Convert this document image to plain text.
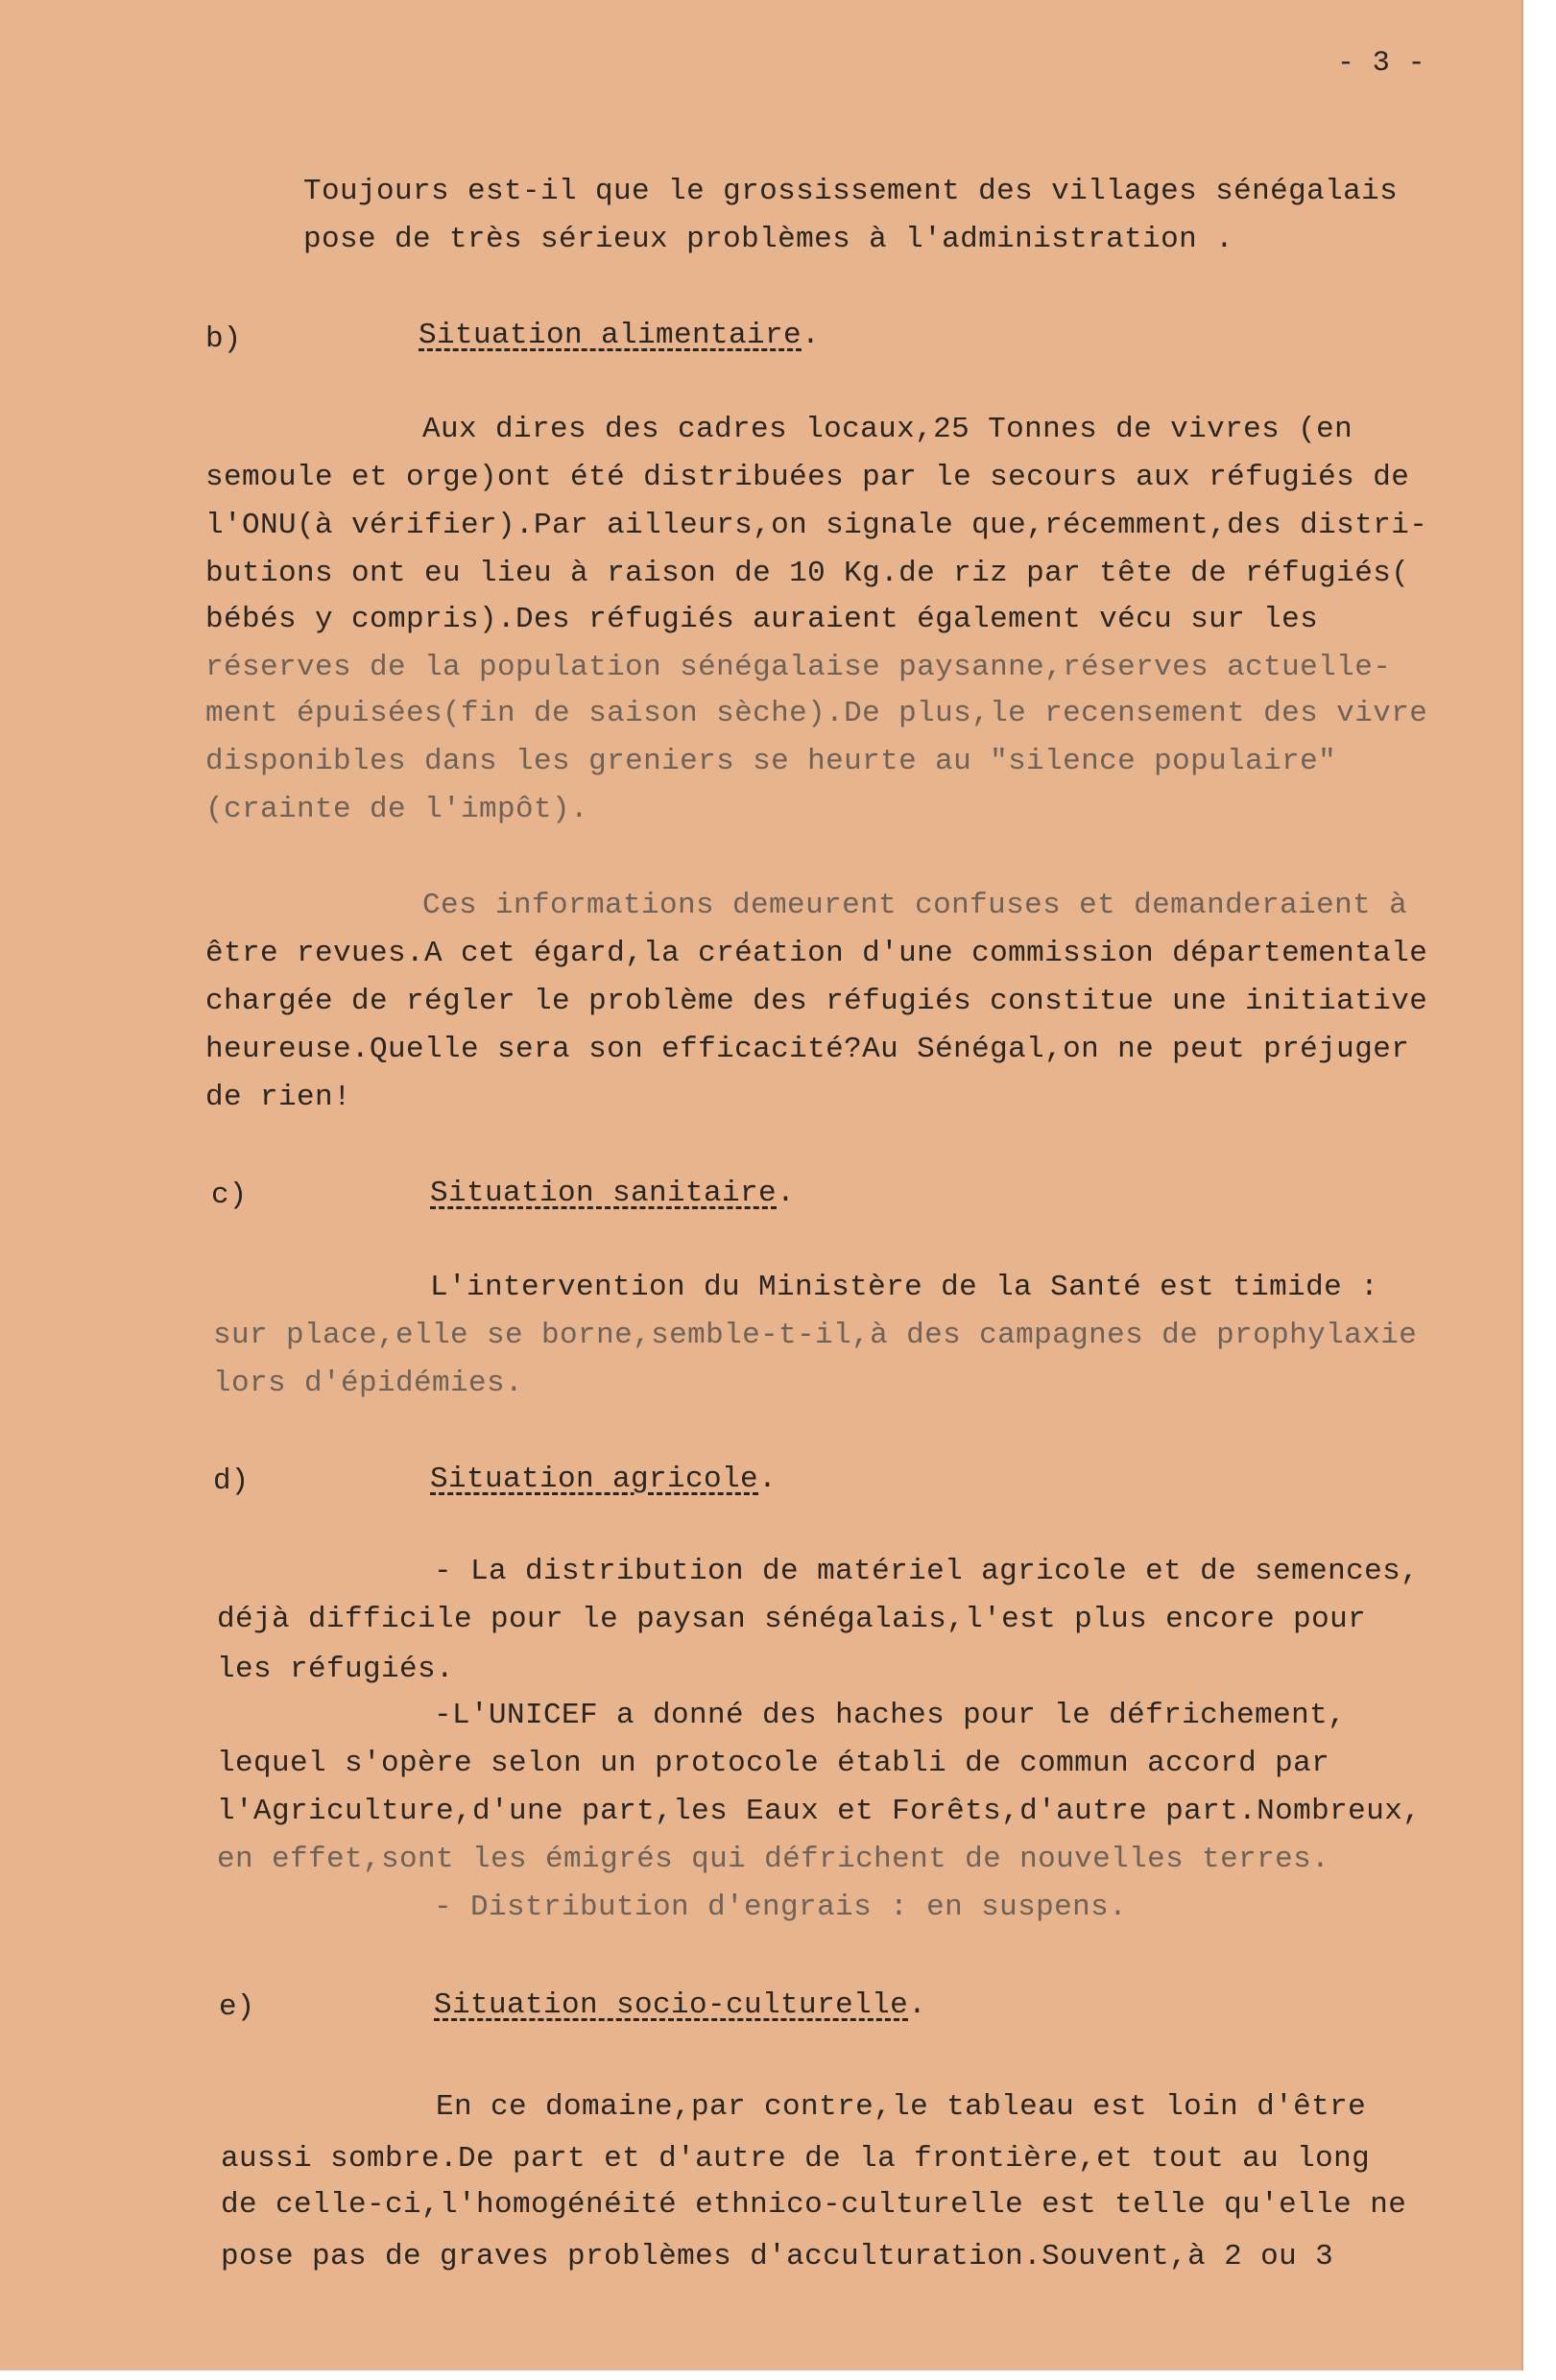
- 3 -
Toujours est-il que le grossissement des villages sénégalais
pose de très sérieux problèmes à l'administration .
b)	Situation alimentaire.
Aux dires des cadres locaux,25 Tonnes de vivres (en
semoule et orge)ont été distribuées par le secours aux réfugiés de
l'ONU(à vérifier).Par ailleurs,on signale que,récemment,des distri-
butions ont eu lieu à raison de 10 Kg.de riz par tête de réfugiés(
bébés y compris).Des réfugiés auraient également vécu sur les
réserves de la population sénégalaise paysanne,réserves actuelle-
ment épuisées(fin de saison sèche).De plus,le recensement des vivre
disponibles dans les greniers se heurte au "silence populaire"
(crainte de l'impôt).
Ces informations demeurent confuses et demanderaient à
être revues.A cet égard,la création d'une commission départementale
chargée de régler le problème des réfugiés constitue une initiative
heureuse.Quelle sera son efficacité?Au Sénégal,on ne peut préjuger
de rien!
c)	Situation sanitaire.
L'intervention du Ministère de la Santé est timide :
sur place,elle se borne,semble-t-il,à des campagnes de prophylaxie
lors d'épidémies.
d)	Situation agricole.
- La distribution de matériel agricole et de semences,
déjà difficile pour le paysan sénégalais,l'est plus encore pour
les réfugiés.
-L'UNICEF a donné des haches pour le défrichement,
lequel s'opère selon un protocole établi de commun accord par
l'Agriculture,d'une part,les Eaux et Forêts,d'autre part.Nombreux,
en effet,sont les émigrés qui défrichent de nouvelles terres.
- Distribution d'engrais : en suspens.
e)	Situation socio-culturelle.
En ce domaine,par contre,le tableau est loin d'être
aussi sombre.De part et d'autre de la frontière,et tout au long
de celle-ci,l'homogénéité ethnico-culturelle est telle qu'elle ne
pose pas de graves problèmes d'acculturation.Souvent,à 2 ou 3
